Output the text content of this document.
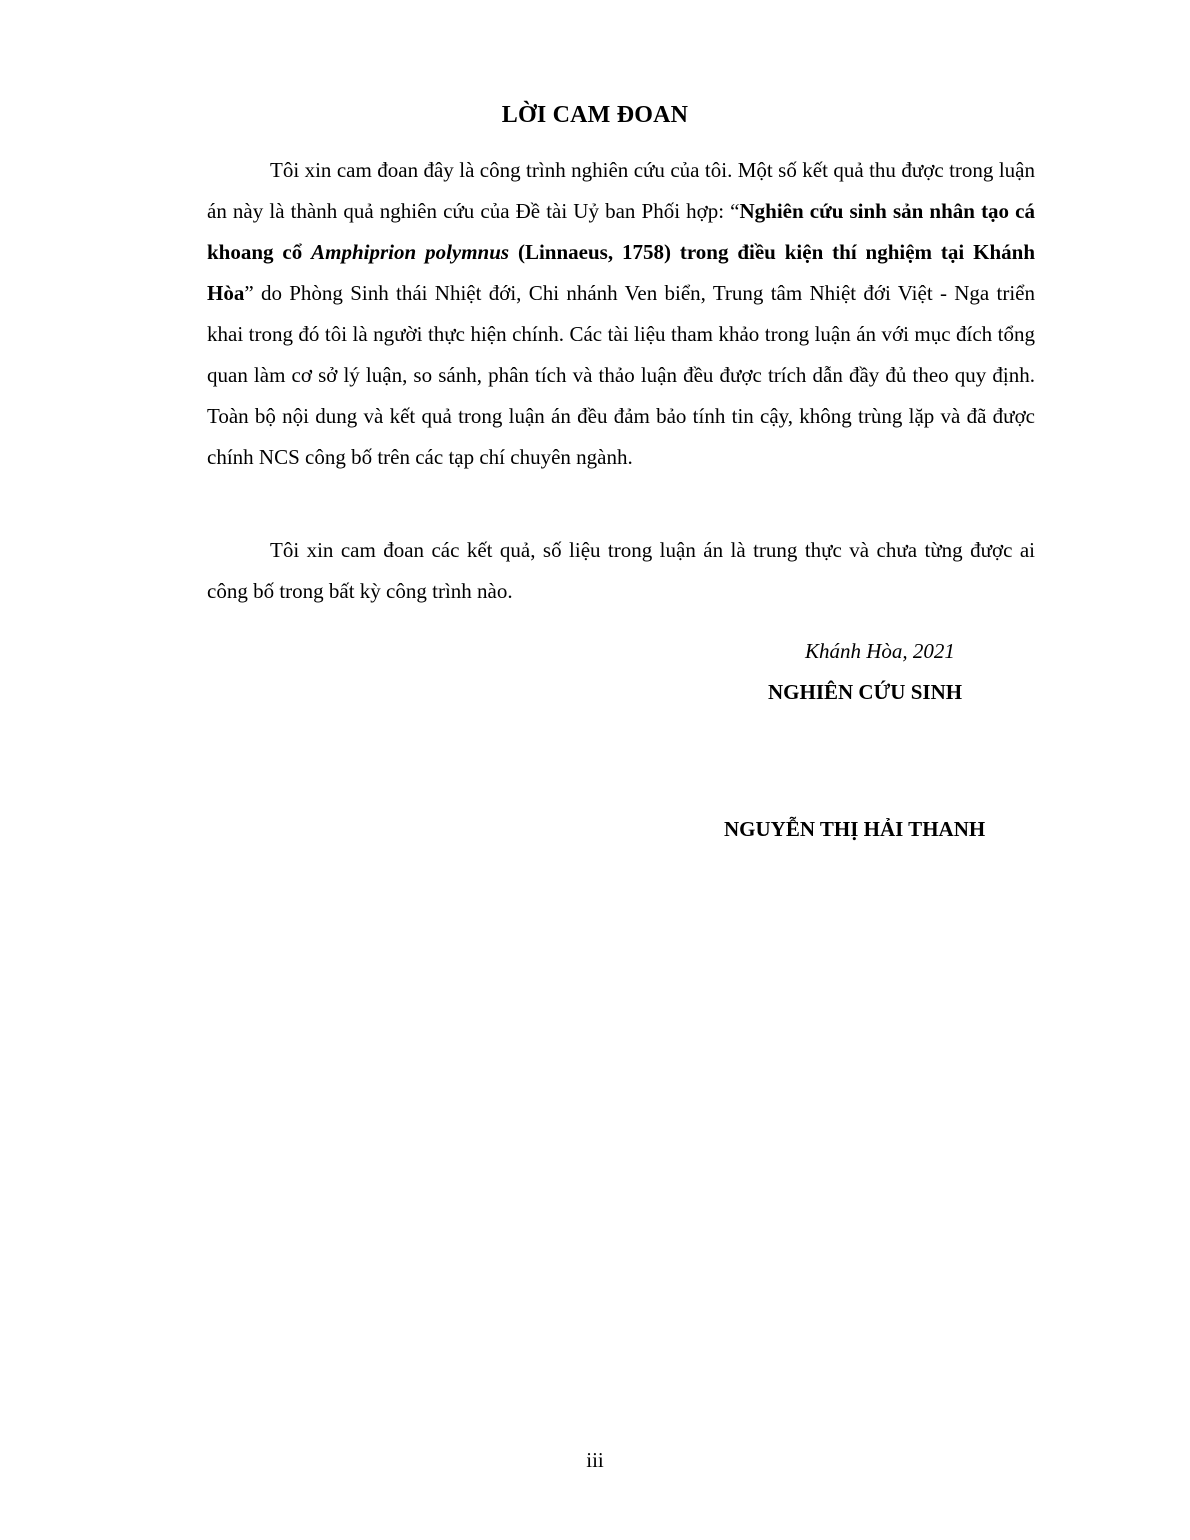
LỜI CAM ĐOAN

Tôi xin cam đoan đây là công trình nghiên cứu của tôi. Một số kết quả thu được trong luận án này là thành quả nghiên cứu của Đề tài Uỷ ban Phối hợp: “Nghiên cứu sinh sản nhân tạo cá khoang cổ Amphiprion polymnus (Linnaeus, 1758) trong điều kiện thí nghiệm tại Khánh Hòa” do Phòng Sinh thái Nhiệt đới, Chi nhánh Ven biển, Trung tâm Nhiệt đới Việt - Nga triển khai trong đó tôi là người thực hiện chính. Các tài liệu tham khảo trong luận án với mục đích tổng quan làm cơ sở lý luận, so sánh, phân tích và thảo luận đều được trích dẫn đầy đủ theo quy định. Toàn bộ nội dung và kết quả trong luận án đều đảm bảo tính tin cậy, không trùng lặp và đã được chính NCS công bố trên các tạp chí chuyên ngành.

Tôi xin cam đoan các kết quả, số liệu trong luận án là trung thực và chưa từng được ai công bố trong bất kỳ công trình nào.

Khánh Hòa, 2021
NGHIÊN CỨU SINH
NGUYỄN THỊ HẢI THANH
iii
